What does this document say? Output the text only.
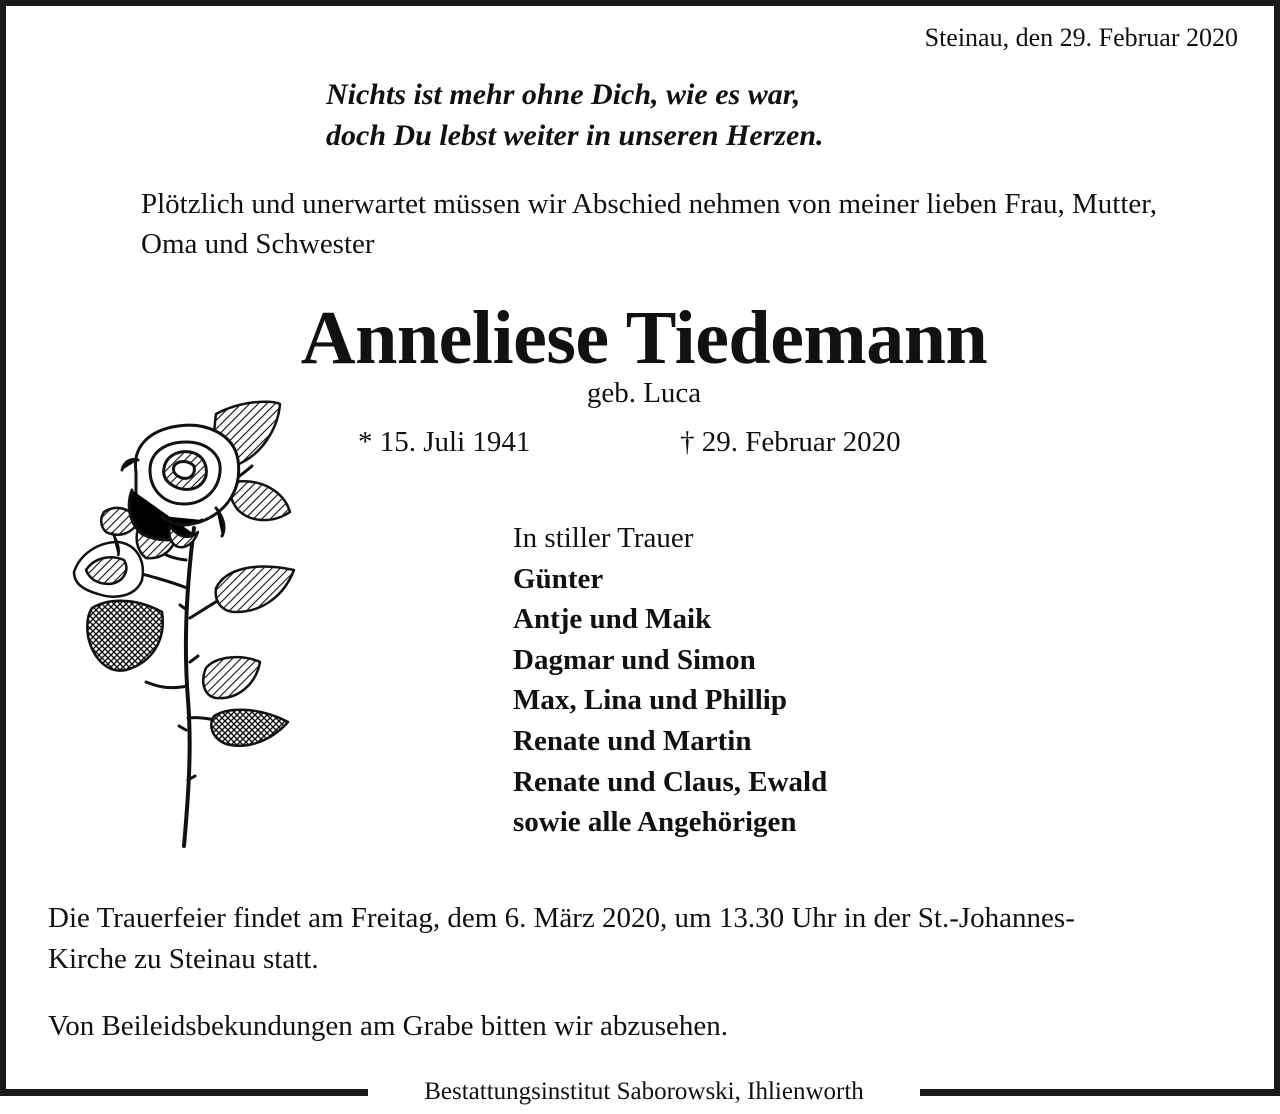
Steinau, den 29. Februar 2020
Nichts ist mehr ohne Dich, wie es war,
doch Du lebst weiter in unseren Herzen.
Plötzlich und unerwartet müssen wir Abschied nehmen von meiner lieben Frau, Mutter, Oma und Schwester
Anneliese Tiedemann
geb. Luca
* 15. Juli 1941	† 29. Februar 2020
In stiller Trauer
Günter
Antje und Maik
Dagmar und Simon
Max, Lina und Phillip
Renate und Martin
Renate und Claus, Ewald
sowie alle Angehörigen
Die Trauerfeier findet am Freitag, dem 6. März 2020, um 13.30 Uhr in der St.-Johannes-
Kirche zu Steinau statt.
Von Beileidsbekundungen am Grabe bitten wir abzusehen.
Bestattungsinstitut Saborowski, Ihlienworth
